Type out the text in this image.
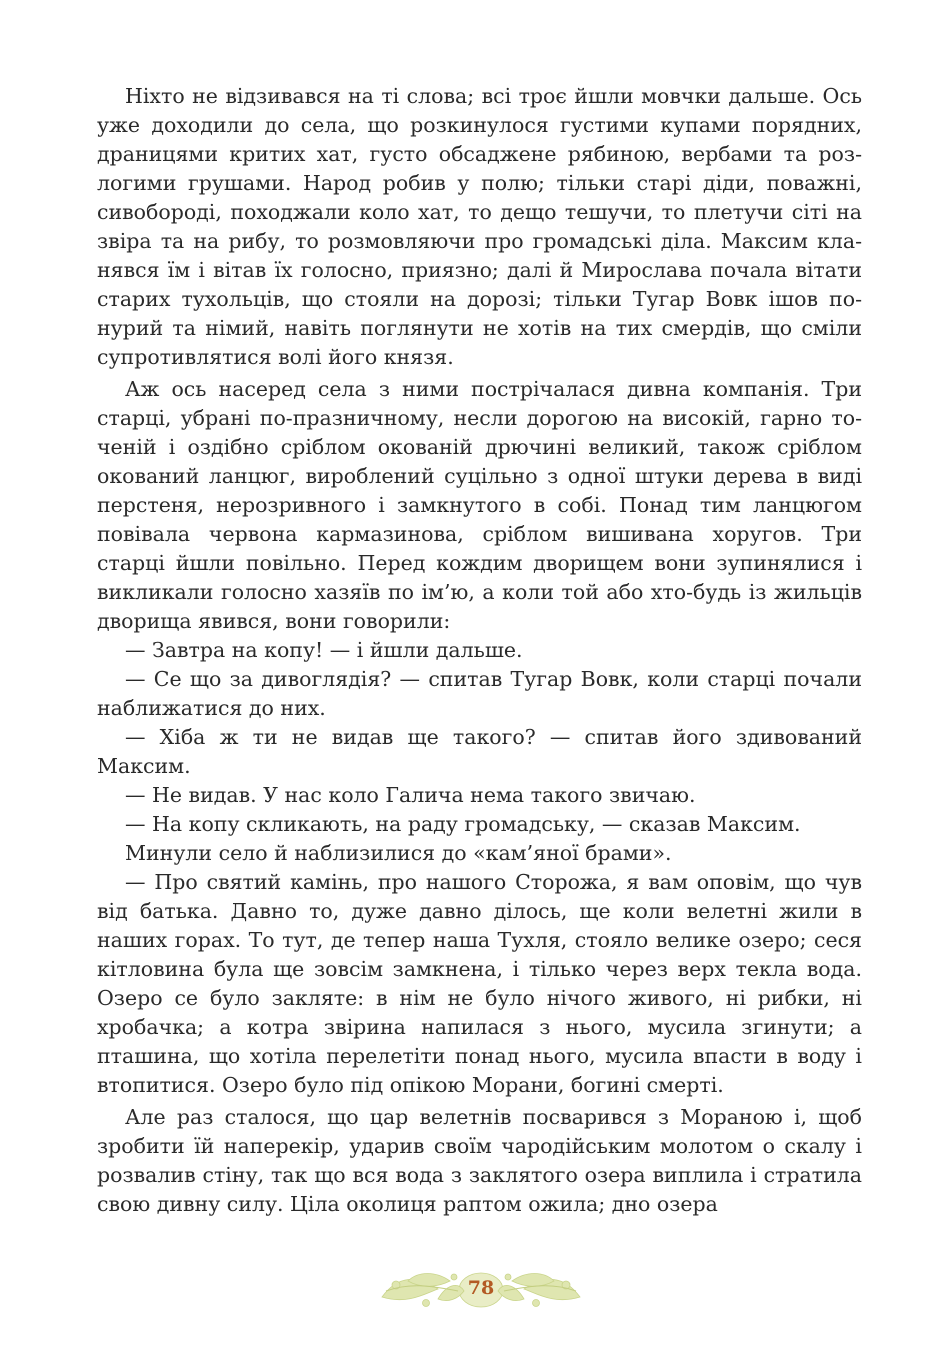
Ніхто не відзивався на ті слова; всі троє йшли мовчки дальше. Ось уже доходили до села, що розкинулося густими купами порядних, драницями критих хат, густо обсаджене рябиною, вербами та розлогими грушами. Народ робив у полю; тільки старі діди, поважні, сивобороді, походжали коло хат, то дещо тешучи, то плетучи сіті на звіра та на рибу, то розмовляючи про громадські діла. Максим кланявся їм і вітав їх голосно, приязно; далі й Мирослава почала вітати старих тухольців, що стояли на дорозі; тільки Тугар Вовк ішов понурий та німий, навіть поглянути не хотів на тих смердів, що сміли супротивлятися волі його князя.

Аж ось насеред села з ними пострічалася дивна компанія. Три старці, убрані по-празничному, несли дорогою на високій, гарно точеній і оздібно сріблом окованій дрючині великий, також сріблом окований ланцюг, вироблений суцільно з одної штуки дерева в виді перстеня, нерозривного і замкнутого в собі. Понад тим ланцюгом повівала червона кармазинова, сріблом вишивана хоругов. Три старці йшли повільно. Перед кождим дворищем вони зупинялися і викликали голосно хазяїв по ім’ю, а коли той або хто-будь із жильців дворища явився, вони говорили:

— Завтра на копу! — і йшли дальше.

— Се що за дивоглядія? — спитав Тугар Вовк, коли старці почали наближатися до них.

— Хіба ж ти не видав ще такого? — спитав його здивований Максим.

— Не видав. У нас коло Галича нема такого звичаю.

— На копу скликають, на раду громадську, — сказав Максим.

Минули село й наблизилися до «кам’яної брами».

— Про святий камінь, про нашого Сторожа, я вам оповім, що чув від батька. Давно то, дуже давно ділось, ще коли велетні жили в наших горах. То тут, де тепер наша Тухля, стояло велике озеро; сеся кітловина була ще зовсім замкнена, і тілько через верх текла вода. Озеро се було закляте: в нім не було нічого живого, ні рибки, ні хробачка; а котра звірина напилася з нього, мусила згинути; а пташина, що хотіла перелетіти понад нього, мусила впасти в воду і втопитися. Озеро було під опікою Морани, богині смерті.

Але раз сталося, що цар велетнів посварився з Мораною і, щоб зробити їй наперекір, ударив своїм чародійським молотом о скалу і розвалив стіну, так що вся вода з заклятого озера виплила і стратила свою дивну силу. Ціла околиця раптом ожила; дно озера

78
